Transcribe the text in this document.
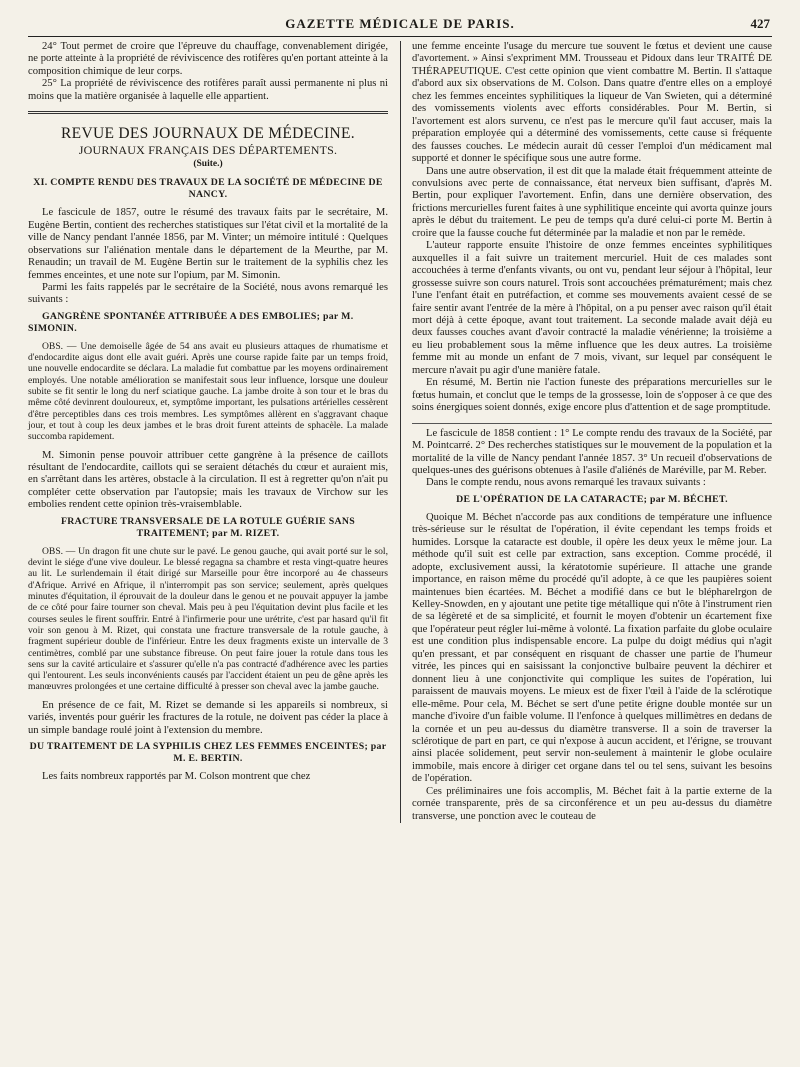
GAZETTE MÉDICALE DE PARIS.	427

24° Tout permet de croire que l'épreuve du chauffage, convenablement dirigée, ne porte atteinte à la propriété de réviviscence des rotifères qu'en portant atteinte à la composition chimique de leur corps.

25° La propriété de réviviscence des rotifères paraît aussi permanente ni plus ni moins que la matière organisée à laquelle elle appartient.

REVUE DES JOURNAUX DE MÉDECINE.
JOURNAUX FRANÇAIS DES DÉPARTEMENTS.
(Suite.)
XI. COMPTE RENDU DES TRAVAUX DE LA SOCIÉTÉ DE MÉDECINE DE NANCY.

Le fascicule de 1857, outre le résumé des travaux faits par le secrétaire, M. Eugène Bertin, contient des recherches statistiques sur l'état civil et la mortalité de la ville de Nancy pendant l'année 1856, par M. Vinter; un mémoire intitulé : Quelques observations sur l'aliénation mentale dans le département de la Meurthe, par M. Renaudin; un travail de M. Eugène Bertin sur le traitement de la syphilis chez les femmes enceintes, et une note sur l'opium, par M. Simonin.

Parmi les faits rappelés par le secrétaire de la Société, nous avons remarqué les suivants :

GANGRÈNE SPONTANÉE ATTRIBUÉE A DES EMBOLIES; par M. SIMONIN.

OBS. — Une demoiselle âgée de 54 ans avait eu plusieurs attaques de rhumatisme et d'endocardite aigus dont elle avait guéri. Après une course rapide faite par un temps froid, une nouvelle endocardite se déclara. La maladie fut combattue par les moyens ordinairement employés. Une notable amélioration se manifestait sous leur influence, lorsque une douleur subite se fit sentir le long du nerf sciatique gauche. La jambe droite à son tour et le bras du même côté devinrent douloureux, et, symptôme important, les pulsations artérielles cessèrent d'être perceptibles dans ces trois membres. Les symptômes allèrent en s'aggravant chaque jour, et tout à coup les deux jambes et le bras droit furent atteints de sphacèle. La malade succomba rapidement.

M. Simonin pense pouvoir attribuer cette gangrène à la présence de caillots résultant de l'endocardite, caillots qui se seraient détachés du cœur et auraient mis, en s'arrêtant dans les artères, obstacle à la circulation. Il est à regretter qu'on n'ait pu compléter cette observation par l'autopsie; mais les travaux de Virchow sur les embolies rendent cette opinion très-vraisemblable.

FRACTURE TRANSVERSALE DE LA ROTULE GUÉRIE SANS TRAITEMENT; par M. RIZET.

OBS. — Un dragon fit une chute sur le pavé. Le genou gauche, qui avait porté sur le sol, devint le siége d'une vive douleur. Le blessé regagna sa chambre et resta vingt-quatre heures au lit. Le surlendemain il était dirigé sur Marseille pour être incorporé au 4e chasseurs d'Afrique. Arrivé en Afrique, il n'interrompit pas son service; seulement, après quelques minutes d'équitation, il éprouvait de la douleur dans le genou et ne pouvait appuyer la jambe de ce côté pour faire tourner son cheval. Mais peu à peu l'équitation devint plus facile et les courses seules le firent souffrir. Entré à l'infirmerie pour une urétrite, c'est par hasard qu'il fit voir son genou à M. Rizet, qui constata une fracture transversale de la rotule gauche, à fragment supérieur double de l'inférieur. Entre les deux fragments existe un intervalle de 3 centimètres, comblé par une substance fibreuse. On peut faire jouer la rotule dans tous les sens sur la cavité articulaire et s'assurer qu'elle n'a pas contracté d'adhérence avec les parties qui l'entourent. Les seuls inconvénients causés par l'accident étaient un peu de gêne après les manœuvres prolongées et une certaine difficulté à presser son cheval avec la jambe gauche.

En présence de ce fait, M. Rizet se demande si les appareils si nombreux, si variés, inventés pour guérir les fractures de la rotule, ne doivent pas céder la place à un simple bandage roulé joint à l'extension du membre.

DU TRAITEMENT DE LA SYPHILIS CHEZ LES FEMMES ENCEINTES; par M. E. BERTIN.

Les faits nombreux rapportés par M. Colson montrent que chez

une femme enceinte l'usage du mercure tue souvent le fœtus et devient une cause d'avortement. » Ainsi s'expriment MM. Trousseau et Pidoux dans leur TRAITÉ DE THÉRAPEUTIQUE. C'est cette opinion que vient combattre M. Bertin. Il s'attaque d'abord aux six observations de M. Colson. Dans quatre d'entre elles on a employé chez les femmes enceintes syphilitiques la liqueur de Van Swieten, qui a déterminé des vomissements violents avec efforts considérables. Pour M. Bertin, si l'avortement est alors survenu, ce n'est pas le mercure qu'il faut accuser, mais la préparation employée qui a déterminé des vomissements, cette cause si fréquente des fausses couches. Le médecin aurait dû cesser l'emploi d'un médicament mal supporté et donner le spécifique sous une autre forme.

Dans une autre observation, il est dit que la malade était fréquemment atteinte de convulsions avec perte de connaissance, état nerveux bien suffisant, d'après M. Bertin, pour expliquer l'avortement. Enfin, dans une dernière observation, des frictions mercurielles furent faites à une syphilitique enceinte qui avorta quinze jours après le début du traitement. Le peu de temps qu'a duré celui-ci porte M. Bertin à croire que la fausse couche fut déterminée par la maladie et non par le remède.

L'auteur rapporte ensuite l'histoire de onze femmes enceintes syphilitiques auxquelles il a fait suivre un traitement mercuriel. Huit de ces malades sont accouchées à terme d'enfants vivants, ou ont vu, pendant leur séjour à l'hôpital, leur grossesse suivre son cours naturel. Trois sont accouchées prématurément; mais chez l'une l'enfant était en putréfaction, et comme ses mouvements avaient cessé de se faire sentir avant l'entrée de la mère à l'hôpital, on a pu penser avec raison qu'il était mort déjà à cette époque, avant tout traitement. La seconde malade avait déjà eu deux fausses couches avant d'avoir contracté la maladie vénérienne; la troisième a eu lieu probablement sous la même influence que les deux autres. La troisième femme mit au monde un enfant de 7 mois, vivant, sur lequel par conséquent le mercure n'avait pu agir d'une manière fatale.

En résumé, M. Bertin nie l'action funeste des préparations mercurielles sur le fœtus humain, et conclut que le temps de la grossesse, loin de s'opposer à ce que des soins énergiques soient donnés, exige encore plus d'attention et de sage promptitude.

Le fascicule de 1858 contient : 1° Le compte rendu des travaux de la Société, par M. Pointcarré. 2° Des recherches statistiques sur le mouvement de la population et la mortalité de la ville de Nancy pendant l'année 1857. 3° Un recueil d'observations de quelques-unes des guérisons obtenues à l'asile d'aliénés de Maréville, par M. Reber.

Dans le compte rendu, nous avons remarqué les travaux suivants :

DE L'OPÉRATION DE LA CATARACTE; par M. BÉCHET.

Quoique M. Béchet n'accorde pas aux conditions de température une influence très-sérieuse sur le résultat de l'opération, il évite cependant les temps froids et humides. Lorsque la cataracte est double, il opère les deux yeux le même jour. La méthode qu'il suit est celle par extraction, sans exception. Comme procédé, il adopte, exclusivement aussi, la kératotomie supérieure. Il attache une grande importance, en raison même du procédé qu'il adopte, à ce que les paupières soient maintenues bien écartées. M. Béchet a modifié dans ce but le blépharelrgon de Kelley-Snowden, en y ajoutant une petite tige métallique qui n'ôte à l'instrument rien de sa légèreté et de sa simplicité, et fournit le moyen d'obtenir un écartement fixe que l'opérateur peut régler lui-même à volonté. La fixation parfaite du globe oculaire est une condition plus indispensable encore. La pulpe du doigt médius qui n'agit qu'en pressant, et par conséquent en risquant de chasser une partie de l'humeur vitrée, les pinces qui en saisissant la conjonctive bulbaire peuvent la déchirer et donnent lieu à une conjonctivite qui complique les suites de l'opération, lui paraissent de mauvais moyens. Le mieux est de fixer l'œil à l'aide de la sclérotique elle-même. Pour cela, M. Béchet se sert d'une petite érigne double montée sur un manche d'ivoire d'un faible volume. Il l'enfonce à quelques millimètres en dedans de la cornée et un peu au-dessus du diamètre transverse. Il a soin de traverser la sclérotique de part en part, ce qui n'expose à aucun accident, et l'érigne, se trouvant ainsi placée solidement, peut servir non-seulement à maintenir le globe oculaire immobile, mais encore à diriger cet organe dans tel ou tel sens, suivant les besoins de l'opération.

Ces préliminaires une fois accomplis, M. Béchet fait à la partie externe de la cornée transparente, près de sa circonférence et un peu au-dessus du diamètre transverse, une ponction avec le couteau de
